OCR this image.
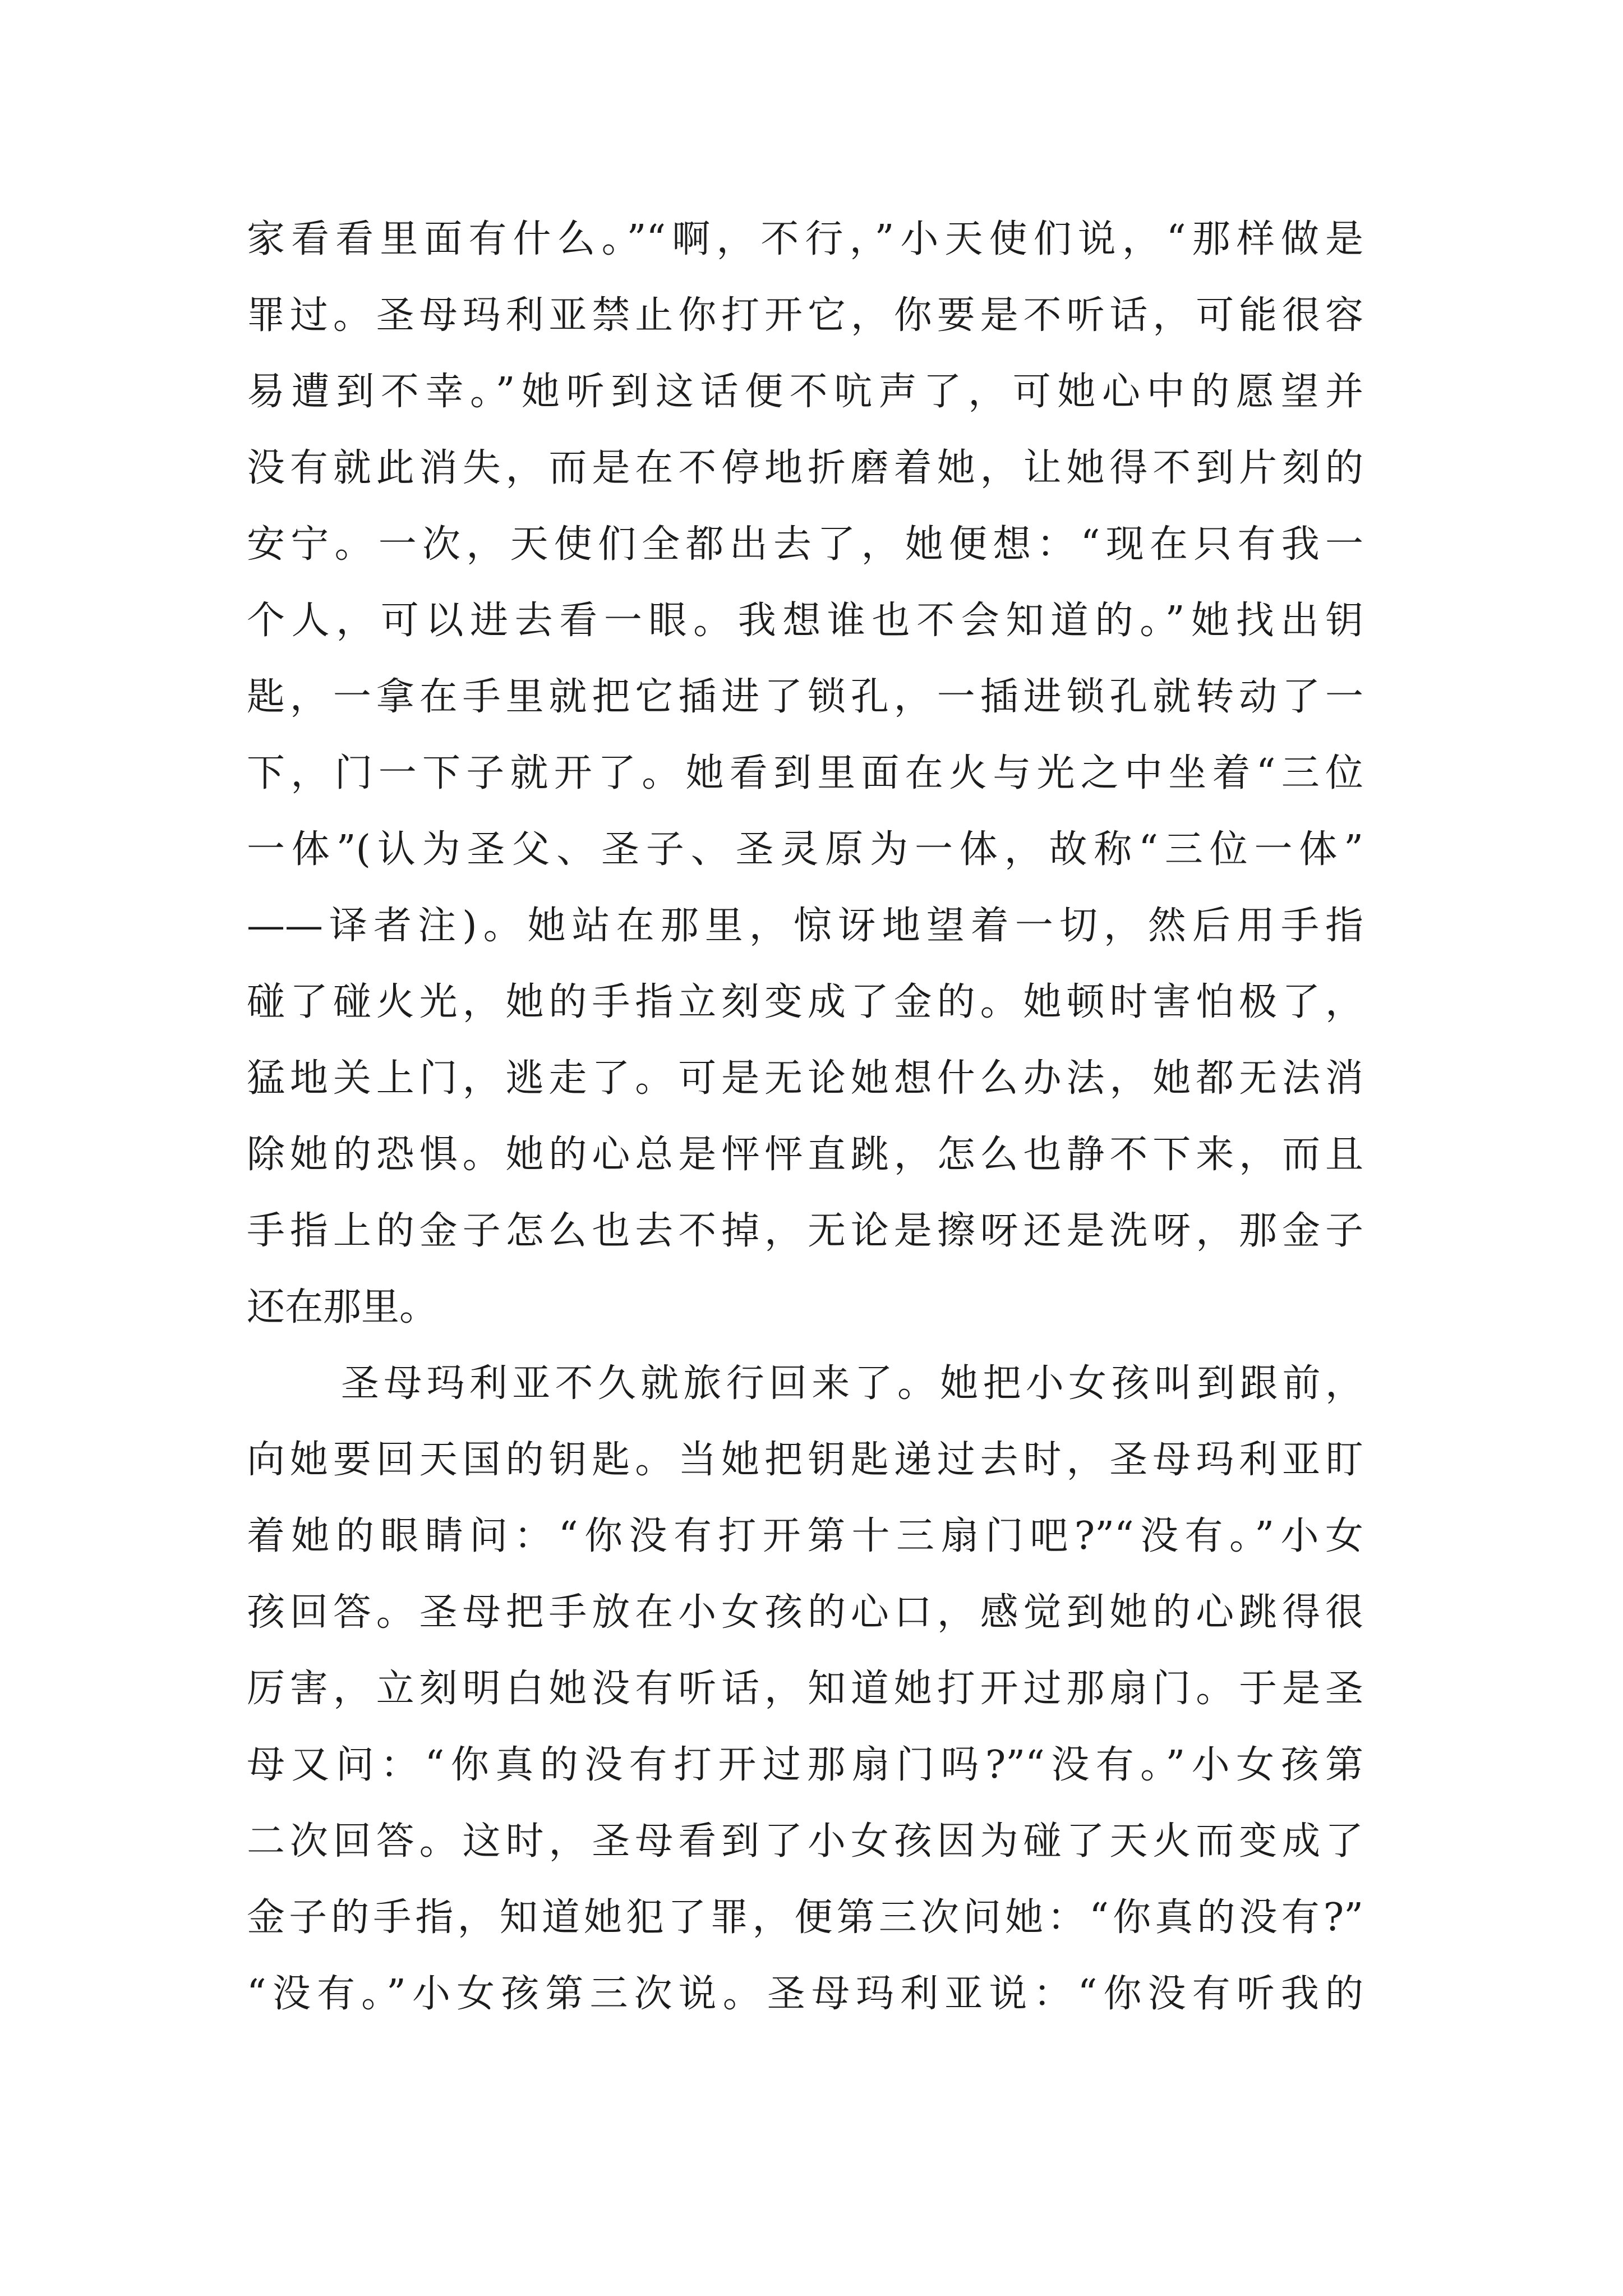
家看看里面有什么。”“啊，不行，”小天使们说，“那样做是
罪过。圣母玛利亚禁止你打开它，你要是不听话，可能很容
易遭到不幸。”她听到这话便不吭声了，可她心中的愿望并
没有就此消失，而是在不停地折磨着她，让她得不到片刻的
安宁。一次，天使们全都出去了，她便想：“现在只有我一
个人，可以进去看一眼。我想谁也不会知道的。”她找出钥
匙，一拿在手里就把它插进了锁孔，一插进锁孔就转动了一
下，门一下子就开了。她看到里面在火与光之中坐着“三位
一体”(认为圣父、圣子、圣灵原为一体，故称“三位一体”
——译者注)。她站在那里，惊讶地望着一切，然后用手指
碰了碰火光，她的手指立刻变成了金的。她顿时害怕极了，
猛地关上门，逃走了。可是无论她想什么办法，她都无法消
除她的恐惧。她的心总是怦怦直跳，怎么也静不下来，而且
手指上的金子怎么也去不掉，无论是擦呀还是洗呀，那金子
还在那里。
圣母玛利亚不久就旅行回来了。她把小女孩叫到跟前，
向她要回天国的钥匙。当她把钥匙递过去时，圣母玛利亚盯
着她的眼睛问：“你没有打开第十三扇门吧?”“没有。”小女
孩回答。圣母把手放在小女孩的心口，感觉到她的心跳得很
厉害，立刻明白她没有听话，知道她打开过那扇门。于是圣
母又问：“你真的没有打开过那扇门吗?”“没有。”小女孩第
二次回答。这时，圣母看到了小女孩因为碰了天火而变成了
金子的手指，知道她犯了罪，便第三次问她：“你真的没有?”
“没有。”小女孩第三次说。圣母玛利亚说：“你没有听我的
